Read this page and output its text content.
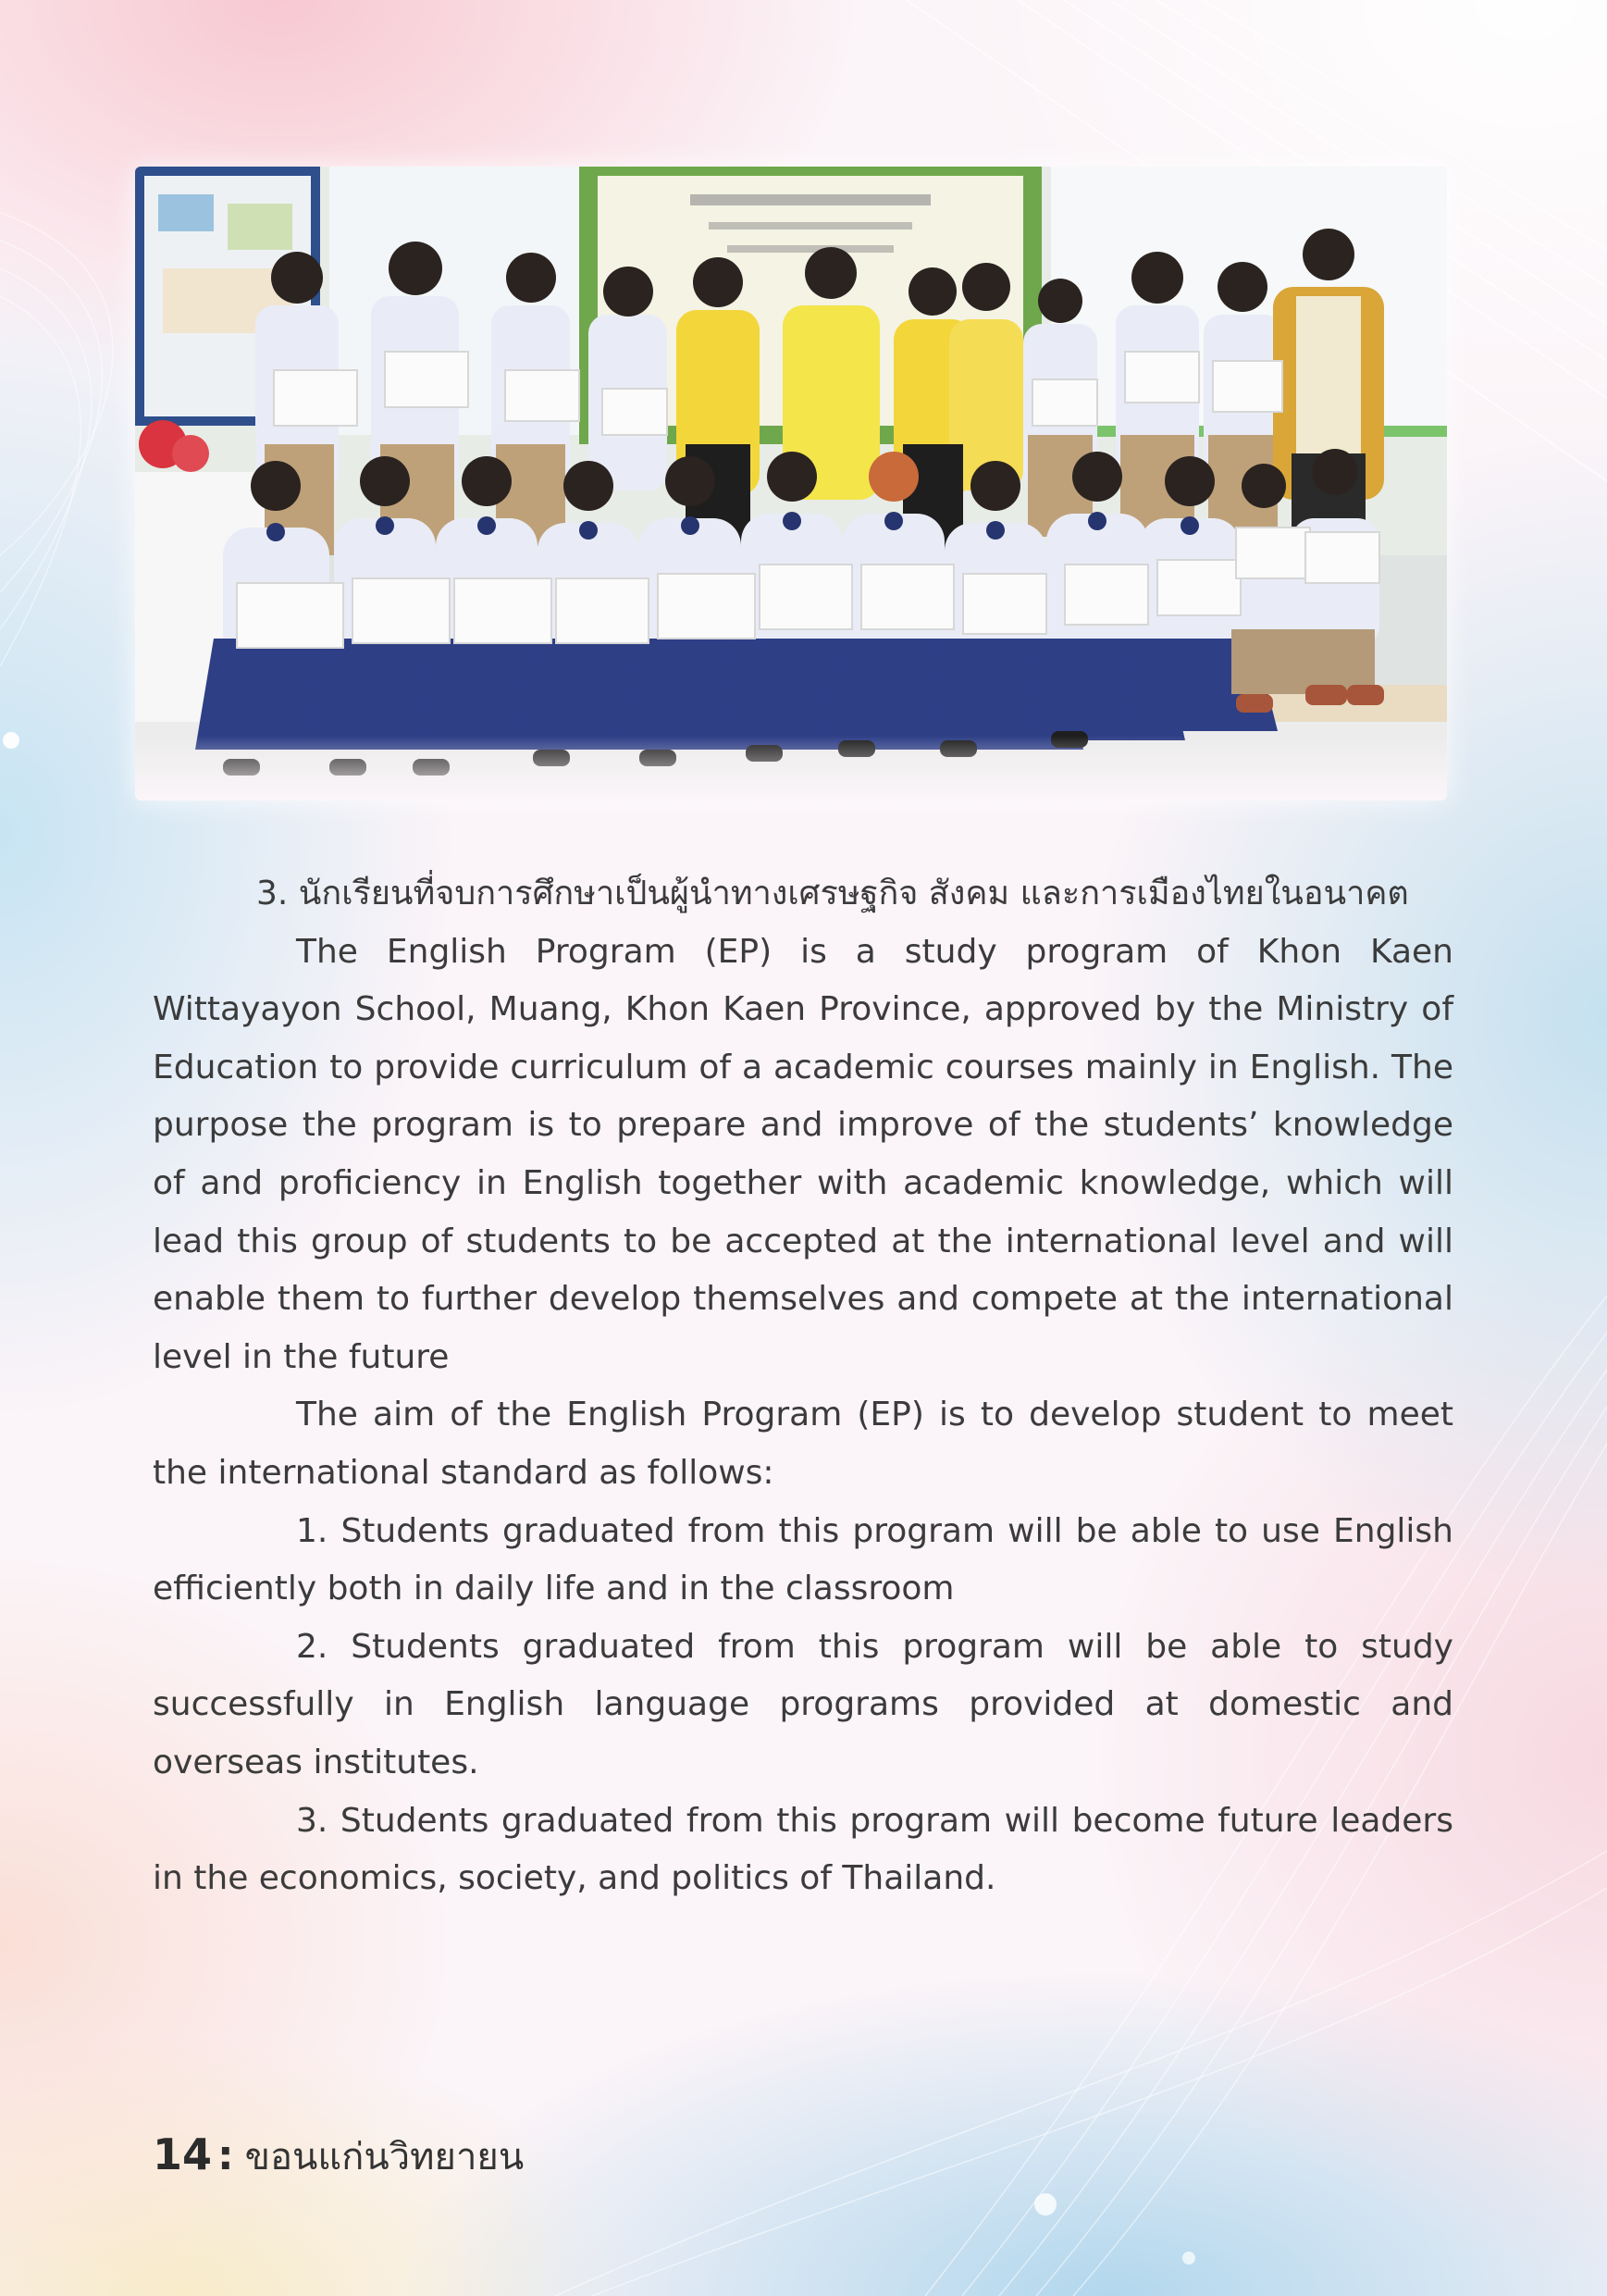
3. นักเรียนที่จบการศึกษาเป็นผู้นำทางเศรษฐกิจ สังคม และการเมืองไทยในอนาคต

The English Program (EP) is a study program of Khon Kaen Wittayayon School, Muang, Khon Kaen Province, approved by the Ministry of Education to provide curriculum of a academic courses mainly in English. The purpose the program is to prepare and improve of the students’ knowledge of and proficiency in English together with academic knowledge, which will lead this group of students to be accepted at the international level and will enable them to further develop themselves and compete at the international level in the future

The aim of the English Program (EP) is to develop student to meet the international standard as follows:

1. Students graduated from this program will be able to use English efficiently both in daily life and in the classroom

2. Students graduated from this program will be able to study successfully in English language programs provided at domestic and overseas institutes.

3. Students graduated from this program will become future leaders in the economics, society, and politics of Thailand.

14 : ขอนแก่นวิทยายน
